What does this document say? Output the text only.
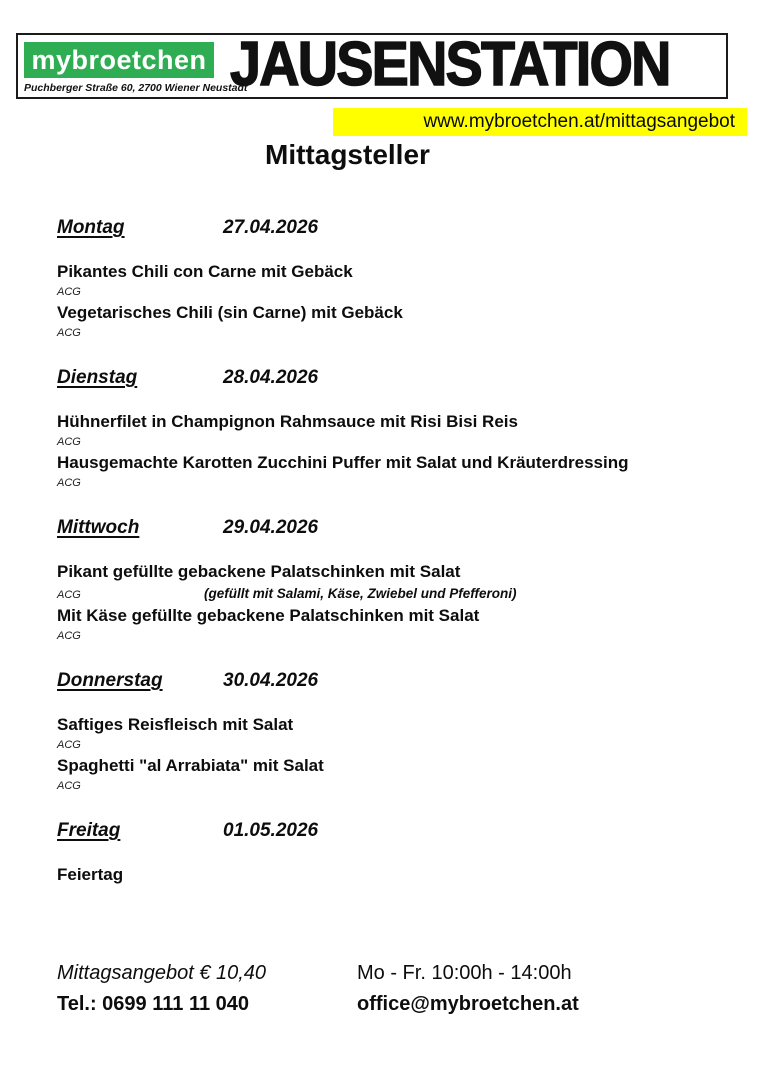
mybroetchen
Puchberger Straße 60, 2700 Wiener Neustadt
JAUSENSTATION
www.mybroetchen.at/mittagsangebot
Mittagsteller
Montag	27.04.2026
Pikantes Chili con Carne mit Gebäck
ACG
Vegetarisches Chili (sin Carne) mit Gebäck
ACG
Dienstag	28.04.2026
Hühnerfilet in Champignon Rahmsauce mit Risi Bisi Reis
ACG
Hausgemachte Karotten Zucchini Puffer mit Salat und Kräuterdressing
ACG
Mittwoch	29.04.2026
Pikant gefüllte gebackene Palatschinken mit Salat
ACG	(gefüllt mit Salami, Käse, Zwiebel und Pfefferoni)
Mit Käse gefüllte gebackene Palatschinken mit Salat
ACG
Donnerstag	30.04.2026
Saftiges Reisfleisch mit Salat
ACG
Spaghetti "al Arrabiata" mit Salat
ACG
Freitag	01.05.2026
Feiertag
Mittagsangebot € 10,40	Mo - Fr. 10:00h - 14:00h
Tel.: 0699 111 11 040	office@mybroetchen.at
